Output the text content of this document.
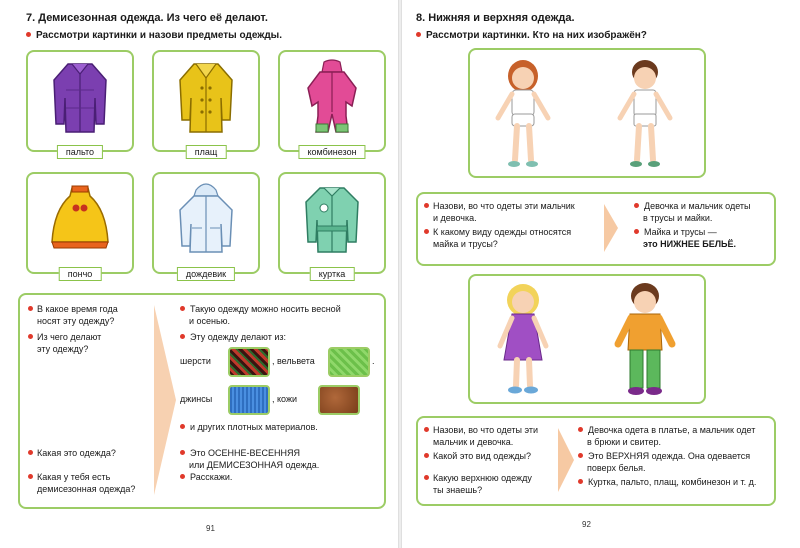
7. Демисезонная одежда. Из чего её делают.
Рассмотри картинки и назови предметы одежды.
пальто	плащ	комбинезон
пончо	дождевик	куртка
В какое время года
носят эту одежду?
Из чего делают
эту одежду?
Какая это одежда?
Какая у тебя есть
демисезонная одежда?
Такую одежду можно носить весной
и осенью.
Эту одежду делают из:
шерсти	, вельвета	.
джинсы	, кожи
и других плотных материалов.
Это ОСЕННЕ-ВЕСЕННЯЯ
или ДЕМИСЕЗОННАЯ одежда.
Расскажи.
91
8. Нижняя и верхняя одежда.
Рассмотри картинки. Кто на них изображён?
Назови, во что одеты эти мальчик
и девочка.
К какому виду одежды относятся
майка и трусы?
Девочка и мальчик одеты
в трусы и майки.
Майка и трусы —
это НИЖНЕЕ БЕЛЬЁ.
Назови, во что одеты эти
мальчик и девочка.
Какой это вид одежды?
Какую верхнюю одежду
ты знаешь?
Девочка одета в платье, а мальчик одет
в брюки и свитер.
Это ВЕРХНЯЯ одежда. Она одевается
поверх белья.
Куртка, пальто, плащ, комбинезон и т. д.
92
